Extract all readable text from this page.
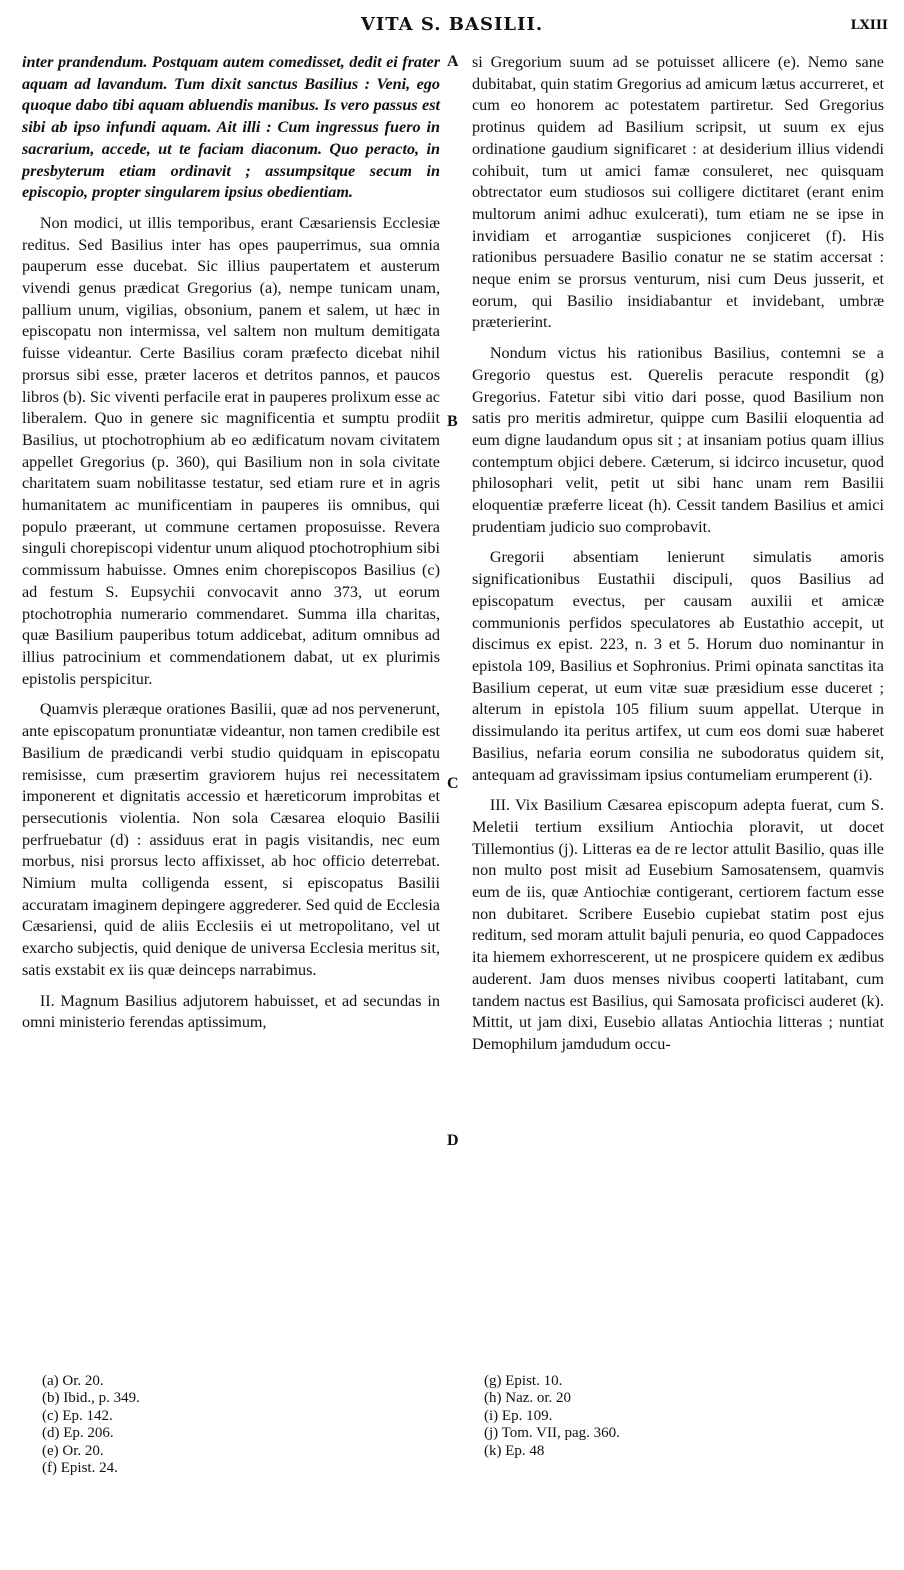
VITA S. BASILII.	LXIII

inter prandendum. Postquam autem comedisset, dedit ei frater aquam ad lavandum. Tum dixit sanctus Basilius : Veni, ego quoque dabo tibi aquam abluendis manibus. Is vero passus est sibi ab ipso infundi aquam. Ait illi : Cum ingressus fuero in sacrarium, accede, ut te faciam diaconum. Quo peracto, in presbyterum etiam ordinavit ; assumpsitque secum in episcopio, propter singularem ipsius obedientiam.

Non modici, ut illis temporibus, erant Cæsariensis Ecclesiæ reditus. Sed Basilius inter has opes pauperrimus, sua omnia pauperum esse ducebat. Sic illius paupertatem et austerum vivendi genus prædicat Gregorius (a), nempe tunicam unam, pallium unum, vigilias, obsonium, panem et salem, ut hæc in episcopatu non intermissa, vel saltem non multum demitigata fuisse videantur. Certe Basilius coram præfecto dicebat nihil prorsus sibi esse, præter laceros et detritos pannos, et paucos libros (b). Sic viventi perfacile erat in pauperes prolixum esse ac liberalem. Quo in genere sic magnificentia et sumptu prodiit Basilius, ut ptochotrophium ab eo ædificatum novam civitatem appellet Gregorius (p. 360), qui Basilium non in sola civitate charitatem suam nobilitasse testatur, sed etiam rure et in agris humanitatem ac munificentiam in pauperes iis omnibus, qui populo præerant, ut commune certamen proposuisse. Revera singuli chorepiscopi videntur unum aliquod ptochotrophium sibi commissum habuisse. Omnes enim chorepiscopos Basilius (c) ad festum S. Eupsychii convocavit anno 373, ut eorum ptochotrophia numerario commendaret. Summa illa charitas, quæ Basilium pauperibus totum addicebat, aditum omnibus ad illius patrocinium et commendationem dabat, ut ex plurimis epistolis perspicitur.

Quamvis pleræque orationes Basilii, quæ ad nos pervenerunt, ante episcopatum pronuntiatæ videantur, non tamen credibile est Basilium de prædicandi verbi studio quidquam in episcopatu remisisse, cum præsertim graviorem hujus rei necessitatem imponerent et dignitatis accessio et hæreticorum improbitas et persecutionis violentia. Non sola Cæsarea eloquio Basilii perfruebatur (d) : assiduus erat in pagis visitandis, nec eum morbus, nisi prorsus lecto affixisset, ab hoc officio deterrebat. Nimium multa colligenda essent, si episcopatus Basilii accuratam imaginem depingere aggrederer. Sed quid de Ecclesia Cæsariensi, quid de aliis Ecclesiis ei ut metropolitano, vel ut exarcho subjectis, quid denique de universa Ecclesia meritus sit, satis exstabit ex iis quæ deinceps narrabimus.

II. Magnum Basilius adjutorem habuisset, et ad secundas in omni ministerio ferendas aptissimum,

A
B
C
D

si Gregorium suum ad se potuisset allicere (e). Nemo sane dubitabat, quin statim Gregorius ad amicum lætus accurreret, et cum eo honorem ac potestatem partiretur. Sed Gregorius protinus quidem ad Basilium scripsit, ut suum ex ejus ordinatione gaudium significaret : at desiderium illius videndi cohibuit, tum ut amici famæ consuleret, nec quisquam obtrectator eum studiosos sui colligere dictitaret (erant enim multorum animi adhuc exulcerati), tum etiam ne se ipse in invidiam et arrogantiæ suspiciones conjiceret (f). His rationibus persuadere Basilio conatur ne se statim accersat : neque enim se prorsus venturum, nisi cum Deus jusserit, et eorum, qui Basilio insidiabantur et invidebant, umbræ præterierint.

Nondum victus his rationibus Basilius, contemni se a Gregorio questus est. Querelis peracute respondit (g) Gregorius. Fatetur sibi vitio dari posse, quod Basilium non satis pro meritis admiretur, quippe cum Basilii eloquentia ad eum digne laudandum opus sit ; at insaniam potius quam illius contemptum objici debere. Cæterum, si idcirco incusetur, quod philosophari velit, petit ut sibi hanc unam rem Basilii eloquentiæ præferre liceat (h). Cessit tandem Basilius et amici prudentiam judicio suo comprobavit.

Gregorii absentiam lenierunt simulatis amoris significationibus Eustathii discipuli, quos Basilius ad episcopatum evectus, per causam auxilii et amicæ communionis perfidos speculatores ab Eustathio accepit, ut discimus ex epist. 223, n. 3 et 5. Horum duo nominantur in epistola 109, Basilius et Sophronius. Primi opinata sanctitas ita Basilium ceperat, ut eum vitæ suæ præsidium esse duceret ; alterum in epistola 105 filium suum appellat. Uterque in dissimulando ita peritus artifex, ut cum eos domi suæ haberet Basilius, nefaria eorum consilia ne subodoratus quidem sit, antequam ad gravissimam ipsius contumeliam erumperent (i).

III. Vix Basilium Cæsarea episcopum adepta fuerat, cum S. Meletii tertium exsilium Antiochia ploravit, ut docet Tillemontius (j). Litteras ea de re lector attulit Basilio, quas ille non multo post misit ad Eusebium Samosatensem, quamvis eum de iis, quæ Antiochiæ contigerant, certiorem factum esse non dubitaret. Scribere Eusebio cupiebat statim post ejus reditum, sed moram attulit bajuli penuria, eo quod Cappadoces ita hiemem exhorrescerent, ut ne prospicere quidem ex ædibus auderent. Jam duos menses nivibus cooperti latitabant, cum tandem nactus est Basilius, qui Samosata proficisci auderet (k). Mittit, ut jam dixi, Eusebio allatas Antiochia litteras ; nuntiat Demophilum jamdudum occu-

(a) Or. 20.
(b) Ibid., p. 349.
(c) Ep. 142.
(d) Ep. 206.
(e) Or. 20.
(f) Epist. 24.
(g) Epist. 10.
(h) Naz. or. 20
(i) Ep. 109.
(j) Tom. VII, pag. 360.
(k) Ep. 48
